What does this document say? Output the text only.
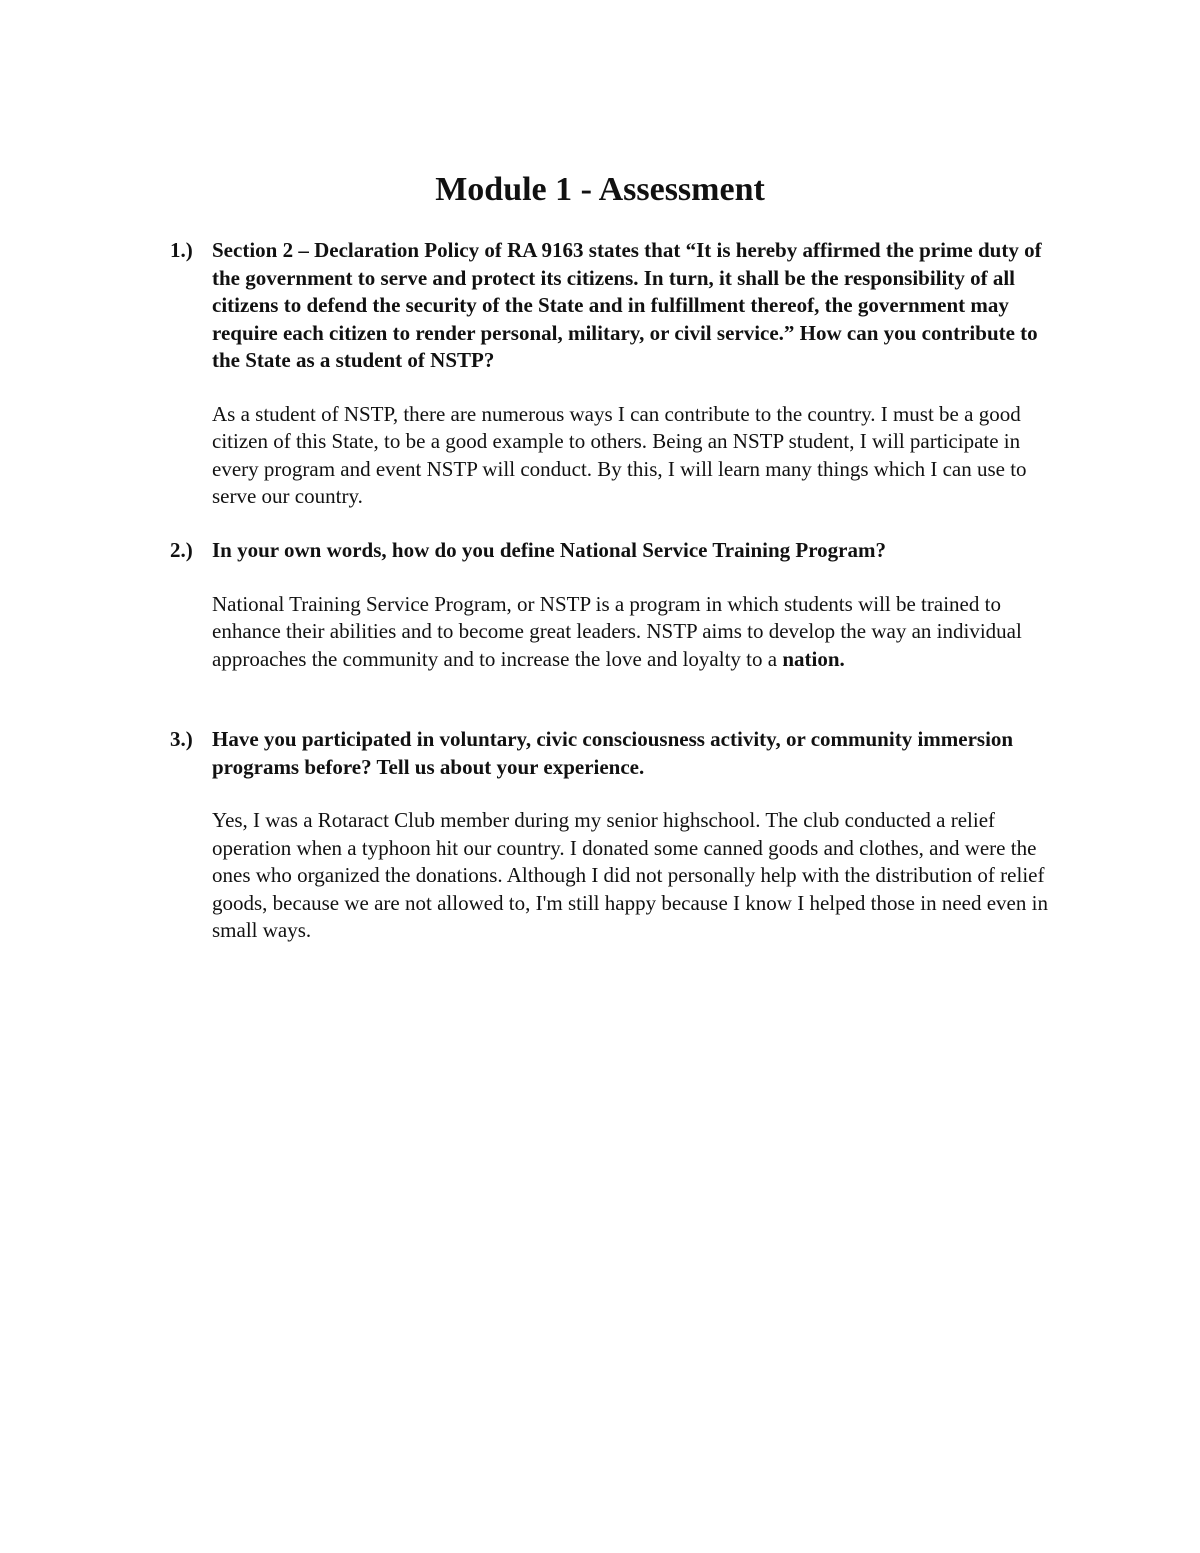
Module 1 - Assessment
1.) Section 2 – Declaration Policy of RA 9163 states that “It is hereby affirmed the prime duty of the government to serve and protect its citizens. In turn, it shall be the responsibility of all citizens to defend the security of the State and in fulfillment thereof, the government may require each citizen to render personal, military, or civil service.” How can you contribute to the State as a student of NSTP?

As a student of NSTP, there are numerous ways I can contribute to the country. I must be a good citizen of this State, to be a good example to others. Being an NSTP student, I will participate in every program and event NSTP will conduct. By this, I will learn many things which I can use to serve our country.

2.) In your own words, how do you define National Service Training Program?

National Training Service Program, or NSTP is a program in which students will be trained to enhance their abilities and to become great leaders. NSTP aims to develop the way an individual approaches the community and to increase the love and loyalty to a nation.

3.) Have you participated in voluntary, civic consciousness activity, or community immersion programs before? Tell us about your experience.

Yes, I was a Rotaract Club member during my senior highschool. The club conducted a relief operation when a typhoon hit our country. I donated some canned goods and clothes, and were the ones who organized the donations. Although I did not personally help with the distribution of relief goods, because we are not allowed to, I'm still happy because I know I helped those in need even in small ways.
